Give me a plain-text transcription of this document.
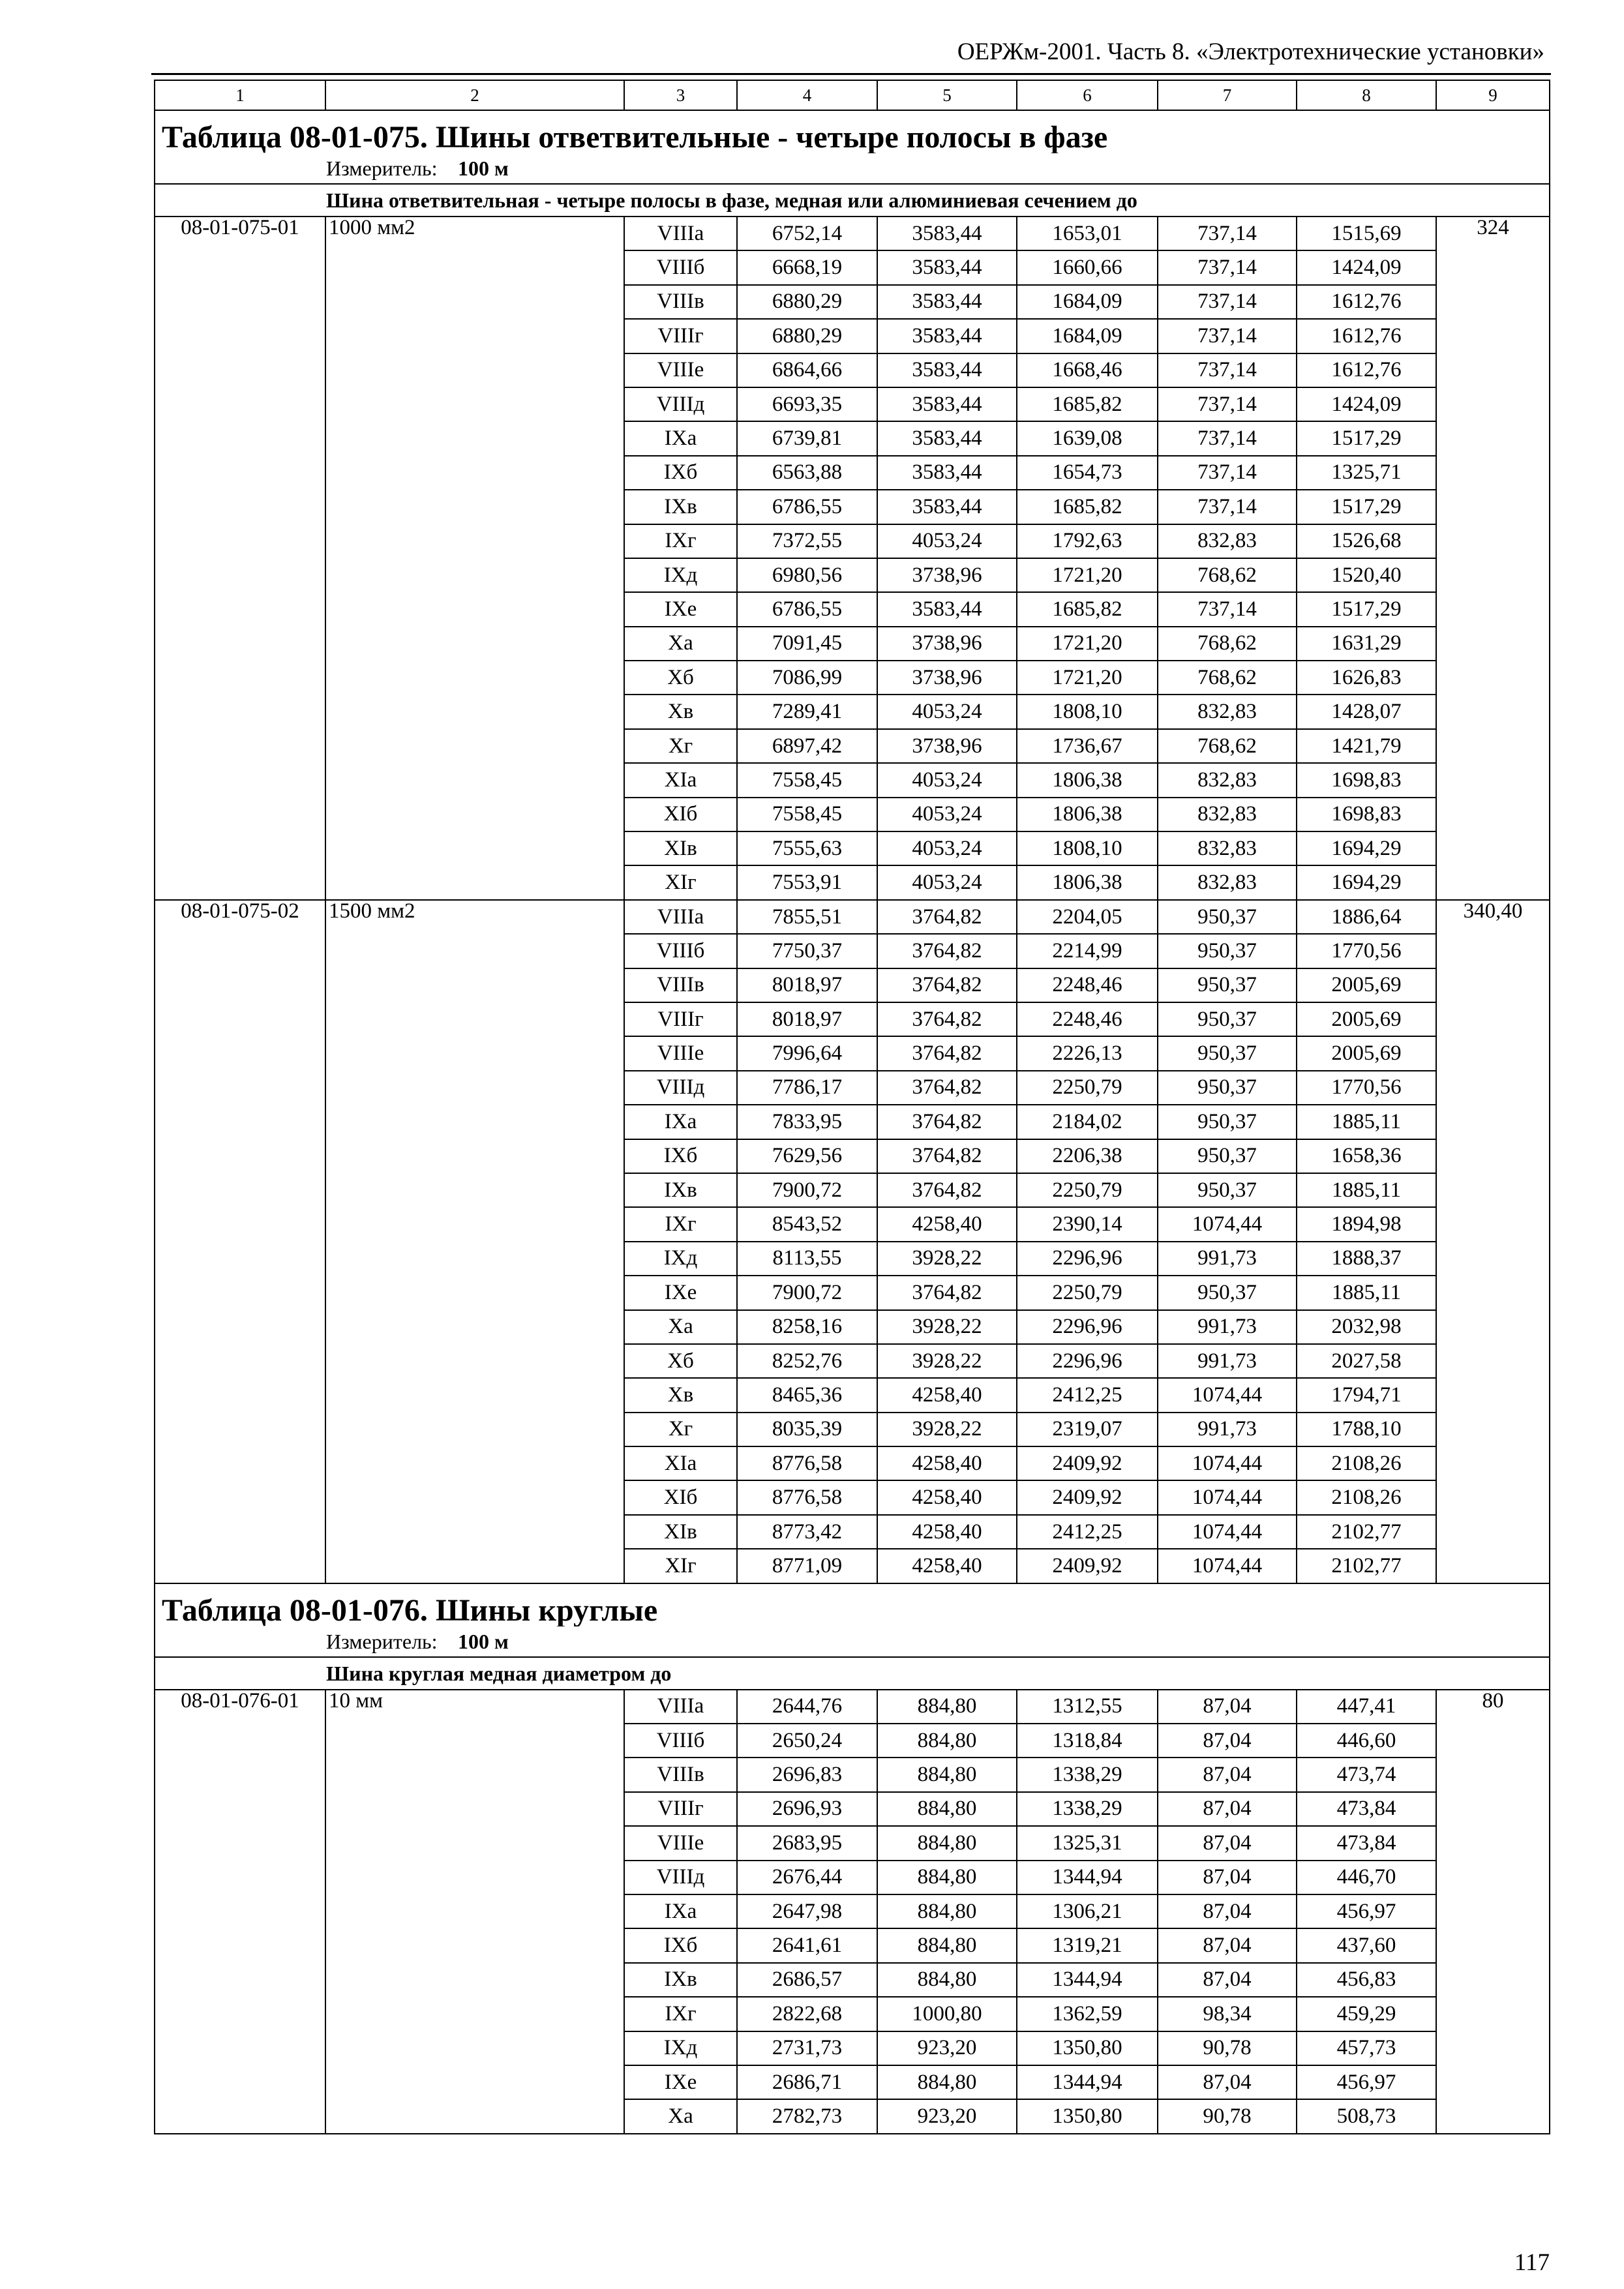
ОЕРЖм-2001. Часть 8. «Электротехнические установки»
1	2	3	4	5	6	7	8	9
Таблица 08-01-075. Шины ответвительные - четыре полосы в фазе								
Измеритель: 100 м								
Шина ответвительная - четыре полосы в фазе, медная или алюминиевая сечением до								
08-01-075-01	1000 мм2	VIIIа	6752,14	3583,44	1653,01	737,14	1515,69	324
		VIIIб	6668,19	3583,44	1660,66	737,14	1424,09	
		VIIIв	6880,29	3583,44	1684,09	737,14	1612,76	
		VIIIг	6880,29	3583,44	1684,09	737,14	1612,76	
		VIIIе	6864,66	3583,44	1668,46	737,14	1612,76	
		VIIIд	6693,35	3583,44	1685,82	737,14	1424,09	
		IXа	6739,81	3583,44	1639,08	737,14	1517,29	
		IXб	6563,88	3583,44	1654,73	737,14	1325,71	
		IXв	6786,55	3583,44	1685,82	737,14	1517,29	
		IXг	7372,55	4053,24	1792,63	832,83	1526,68	
		IXд	6980,56	3738,96	1721,20	768,62	1520,40	
		IXе	6786,55	3583,44	1685,82	737,14	1517,29	
		Xа	7091,45	3738,96	1721,20	768,62	1631,29	
		Xб	7086,99	3738,96	1721,20	768,62	1626,83	
		Xв	7289,41	4053,24	1808,10	832,83	1428,07	
		Xг	6897,42	3738,96	1736,67	768,62	1421,79	
		XIа	7558,45	4053,24	1806,38	832,83	1698,83	
		XIб	7558,45	4053,24	1806,38	832,83	1698,83	
		XIв	7555,63	4053,24	1808,10	832,83	1694,29	
		XIг	7553,91	4053,24	1806,38	832,83	1694,29	
08-01-075-02	1500 мм2	VIIIа	7855,51	3764,82	2204,05	950,37	1886,64	340,40
		VIIIб	7750,37	3764,82	2214,99	950,37	1770,56	
		VIIIв	8018,97	3764,82	2248,46	950,37	2005,69	
		VIIIг	8018,97	3764,82	2248,46	950,37	2005,69	
		VIIIе	7996,64	3764,82	2226,13	950,37	2005,69	
		VIIIд	7786,17	3764,82	2250,79	950,37	1770,56	
		IXа	7833,95	3764,82	2184,02	950,37	1885,11	
		IXб	7629,56	3764,82	2206,38	950,37	1658,36	
		IXв	7900,72	3764,82	2250,79	950,37	1885,11	
		IXг	8543,52	4258,40	2390,14	1074,44	1894,98	
		IXд	8113,55	3928,22	2296,96	991,73	1888,37	
		IXе	7900,72	3764,82	2250,79	950,37	1885,11	
		Xа	8258,16	3928,22	2296,96	991,73	2032,98	
		Xб	8252,76	3928,22	2296,96	991,73	2027,58	
		Xв	8465,36	4258,40	2412,25	1074,44	1794,71	
		Xг	8035,39	3928,22	2319,07	991,73	1788,10	
		XIа	8776,58	4258,40	2409,92	1074,44	2108,26	
		XIб	8776,58	4258,40	2409,92	1074,44	2108,26	
		XIв	8773,42	4258,40	2412,25	1074,44	2102,77	
		XIг	8771,09	4258,40	2409,92	1074,44	2102,77	
Таблица 08-01-076. Шины круглые								
Измеритель: 100 м								
Шина круглая медная диаметром до								
08-01-076-01	10 мм	VIIIа	2644,76	884,80	1312,55	87,04	447,41	80
		VIIIб	2650,24	884,80	1318,84	87,04	446,60	
		VIIIв	2696,83	884,80	1338,29	87,04	473,74	
		VIIIг	2696,93	884,80	1338,29	87,04	473,84	
		VIIIе	2683,95	884,80	1325,31	87,04	473,84	
		VIIIд	2676,44	884,80	1344,94	87,04	446,70	
		IXа	2647,98	884,80	1306,21	87,04	456,97	
		IXб	2641,61	884,80	1319,21	87,04	437,60	
		IXв	2686,57	884,80	1344,94	87,04	456,83	
		IXг	2822,68	1000,80	1362,59	98,34	459,29	
		IXд	2731,73	923,20	1350,80	90,78	457,73	
		IXе	2686,71	884,80	1344,94	87,04	456,97	
		Xа	2782,73	923,20	1350,80	90,78	508,73	
117
